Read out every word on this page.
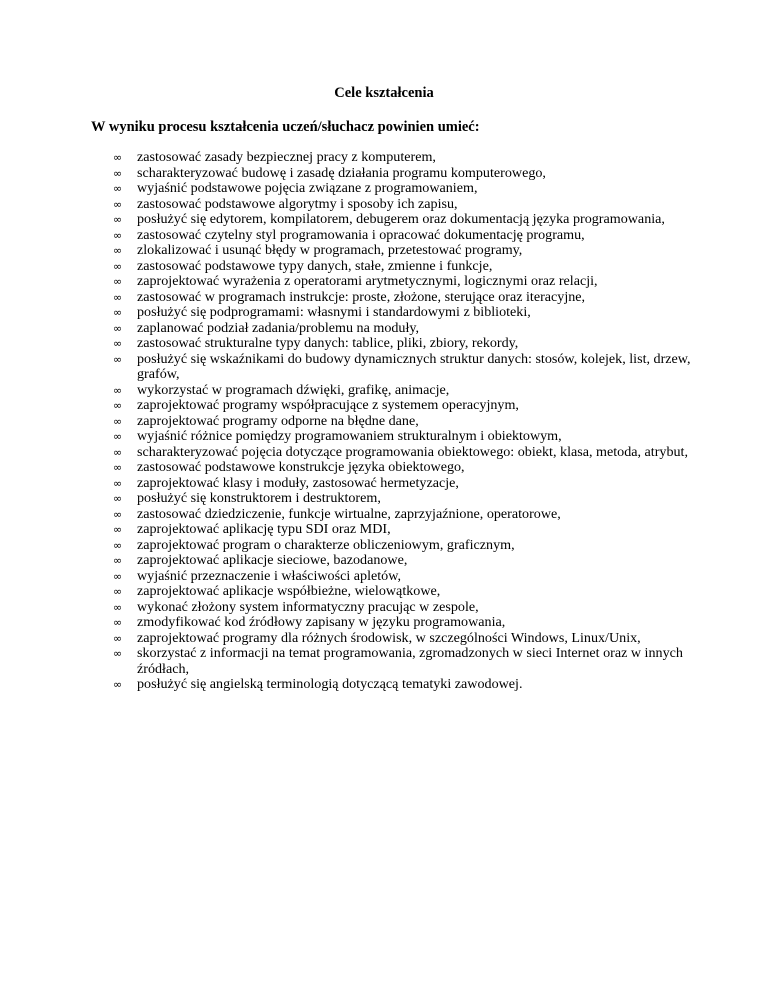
Cele kształcenia

W wyniku procesu kształcenia uczeń/słuchacz powinien umieć:

∞ zastosować zasady bezpiecznej pracy z komputerem,
∞ scharakteryzować budowę i zasadę działania programu komputerowego,
∞ wyjaśnić podstawowe pojęcia związane z programowaniem,
∞ zastosować podstawowe algorytmy i sposoby ich zapisu,
∞ posłużyć się edytorem, kompilatorem, debugerem oraz dokumentacją języka programowania,
∞ zastosować czytelny styl programowania i opracować dokumentację programu,
∞ zlokalizować i usunąć błędy w programach, przetestować programy,
∞ zastosować podstawowe typy danych, stałe, zmienne i funkcje,
∞ zaprojektować wyrażenia z operatorami arytmetycznymi, logicznymi oraz relacji,
∞ zastosować w programach instrukcje: proste, złożone, sterujące oraz iteracyjne,
∞ posłużyć się podprogramami: własnymi i standardowymi z biblioteki,
∞ zaplanować podział zadania/problemu na moduły,
∞ zastosować strukturalne typy danych: tablice, pliki, zbiory, rekordy,
∞ posłużyć się wskaźnikami do budowy dynamicznych struktur danych: stosów, kolejek, list, drzew, grafów,
∞ wykorzystać w programach dźwięki, grafikę, animacje,
∞ zaprojektować programy współpracujące z systemem operacyjnym,
∞ zaprojektować programy odporne na błędne dane,
∞ wyjaśnić różnice pomiędzy programowaniem strukturalnym i obiektowym,
∞ scharakteryzować pojęcia dotyczące programowania obiektowego: obiekt, klasa, metoda, atrybut,
∞ zastosować podstawowe konstrukcje języka obiektowego,
∞ zaprojektować klasy i moduły, zastosować hermetyzacje,
∞ posłużyć się konstruktorem i destruktorem,
∞ zastosować dziedziczenie, funkcje wirtualne, zaprzyjaźnione, operatorowe,
∞ zaprojektować aplikację typu SDI oraz MDI,
∞ zaprojektować program o charakterze obliczeniowym, graficznym,
∞ zaprojektować aplikacje sieciowe, bazodanowe,
∞ wyjaśnić przeznaczenie i właściwości apletów,
∞ zaprojektować aplikacje współbieżne, wielowątkowe,
∞ wykonać złożony system informatyczny pracując w zespole,
∞ zmodyfikować kod źródłowy zapisany w języku programowania,
∞ zaprojektować programy dla różnych środowisk, w szczególności Windows, Linux/Unix,
∞ skorzystać z informacji na temat programowania, zgromadzonych w sieci Internet oraz w innych źródłach,
∞ posłużyć się angielską terminologią dotyczącą tematyki zawodowej.
